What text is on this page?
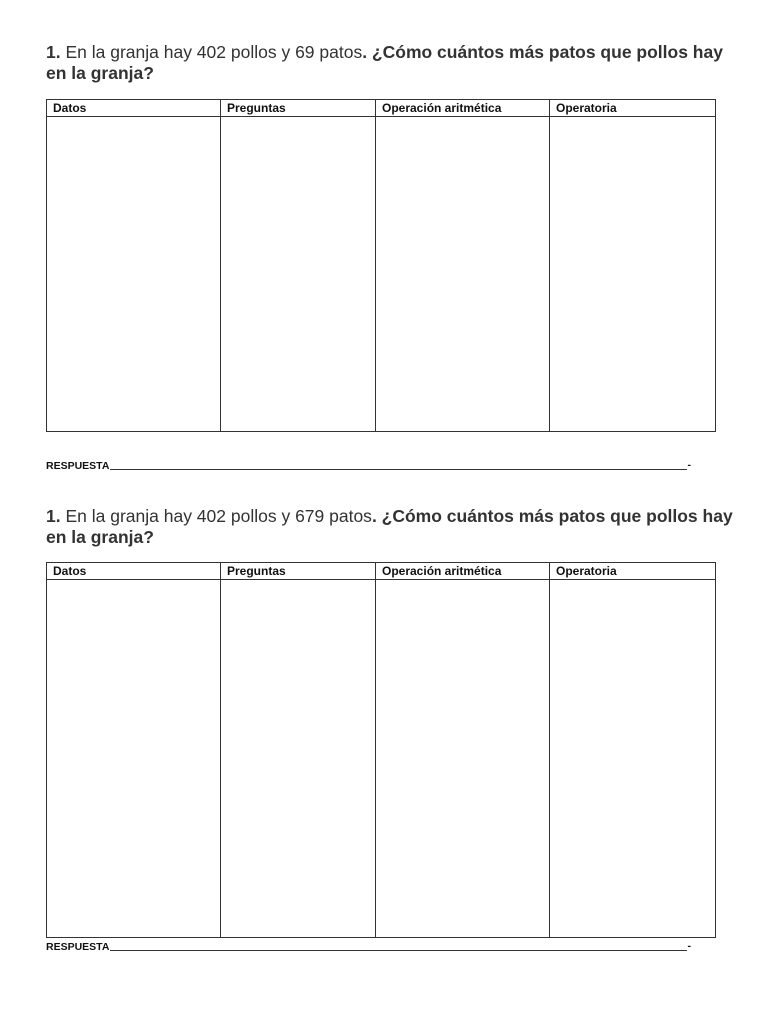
1. En la granja hay 402 pollos y 69 patos. ¿Cómo cuántos más patos que pollos hay en la granja?

Datos	Preguntas	Operación aritmética	Operatoria

RESPUESTA	-

1. En la granja hay 402 pollos y 679 patos. ¿Cómo cuántos más patos que pollos hay en la granja?

Datos	Preguntas	Operación aritmética	Operatoria

RESPUESTA	-
